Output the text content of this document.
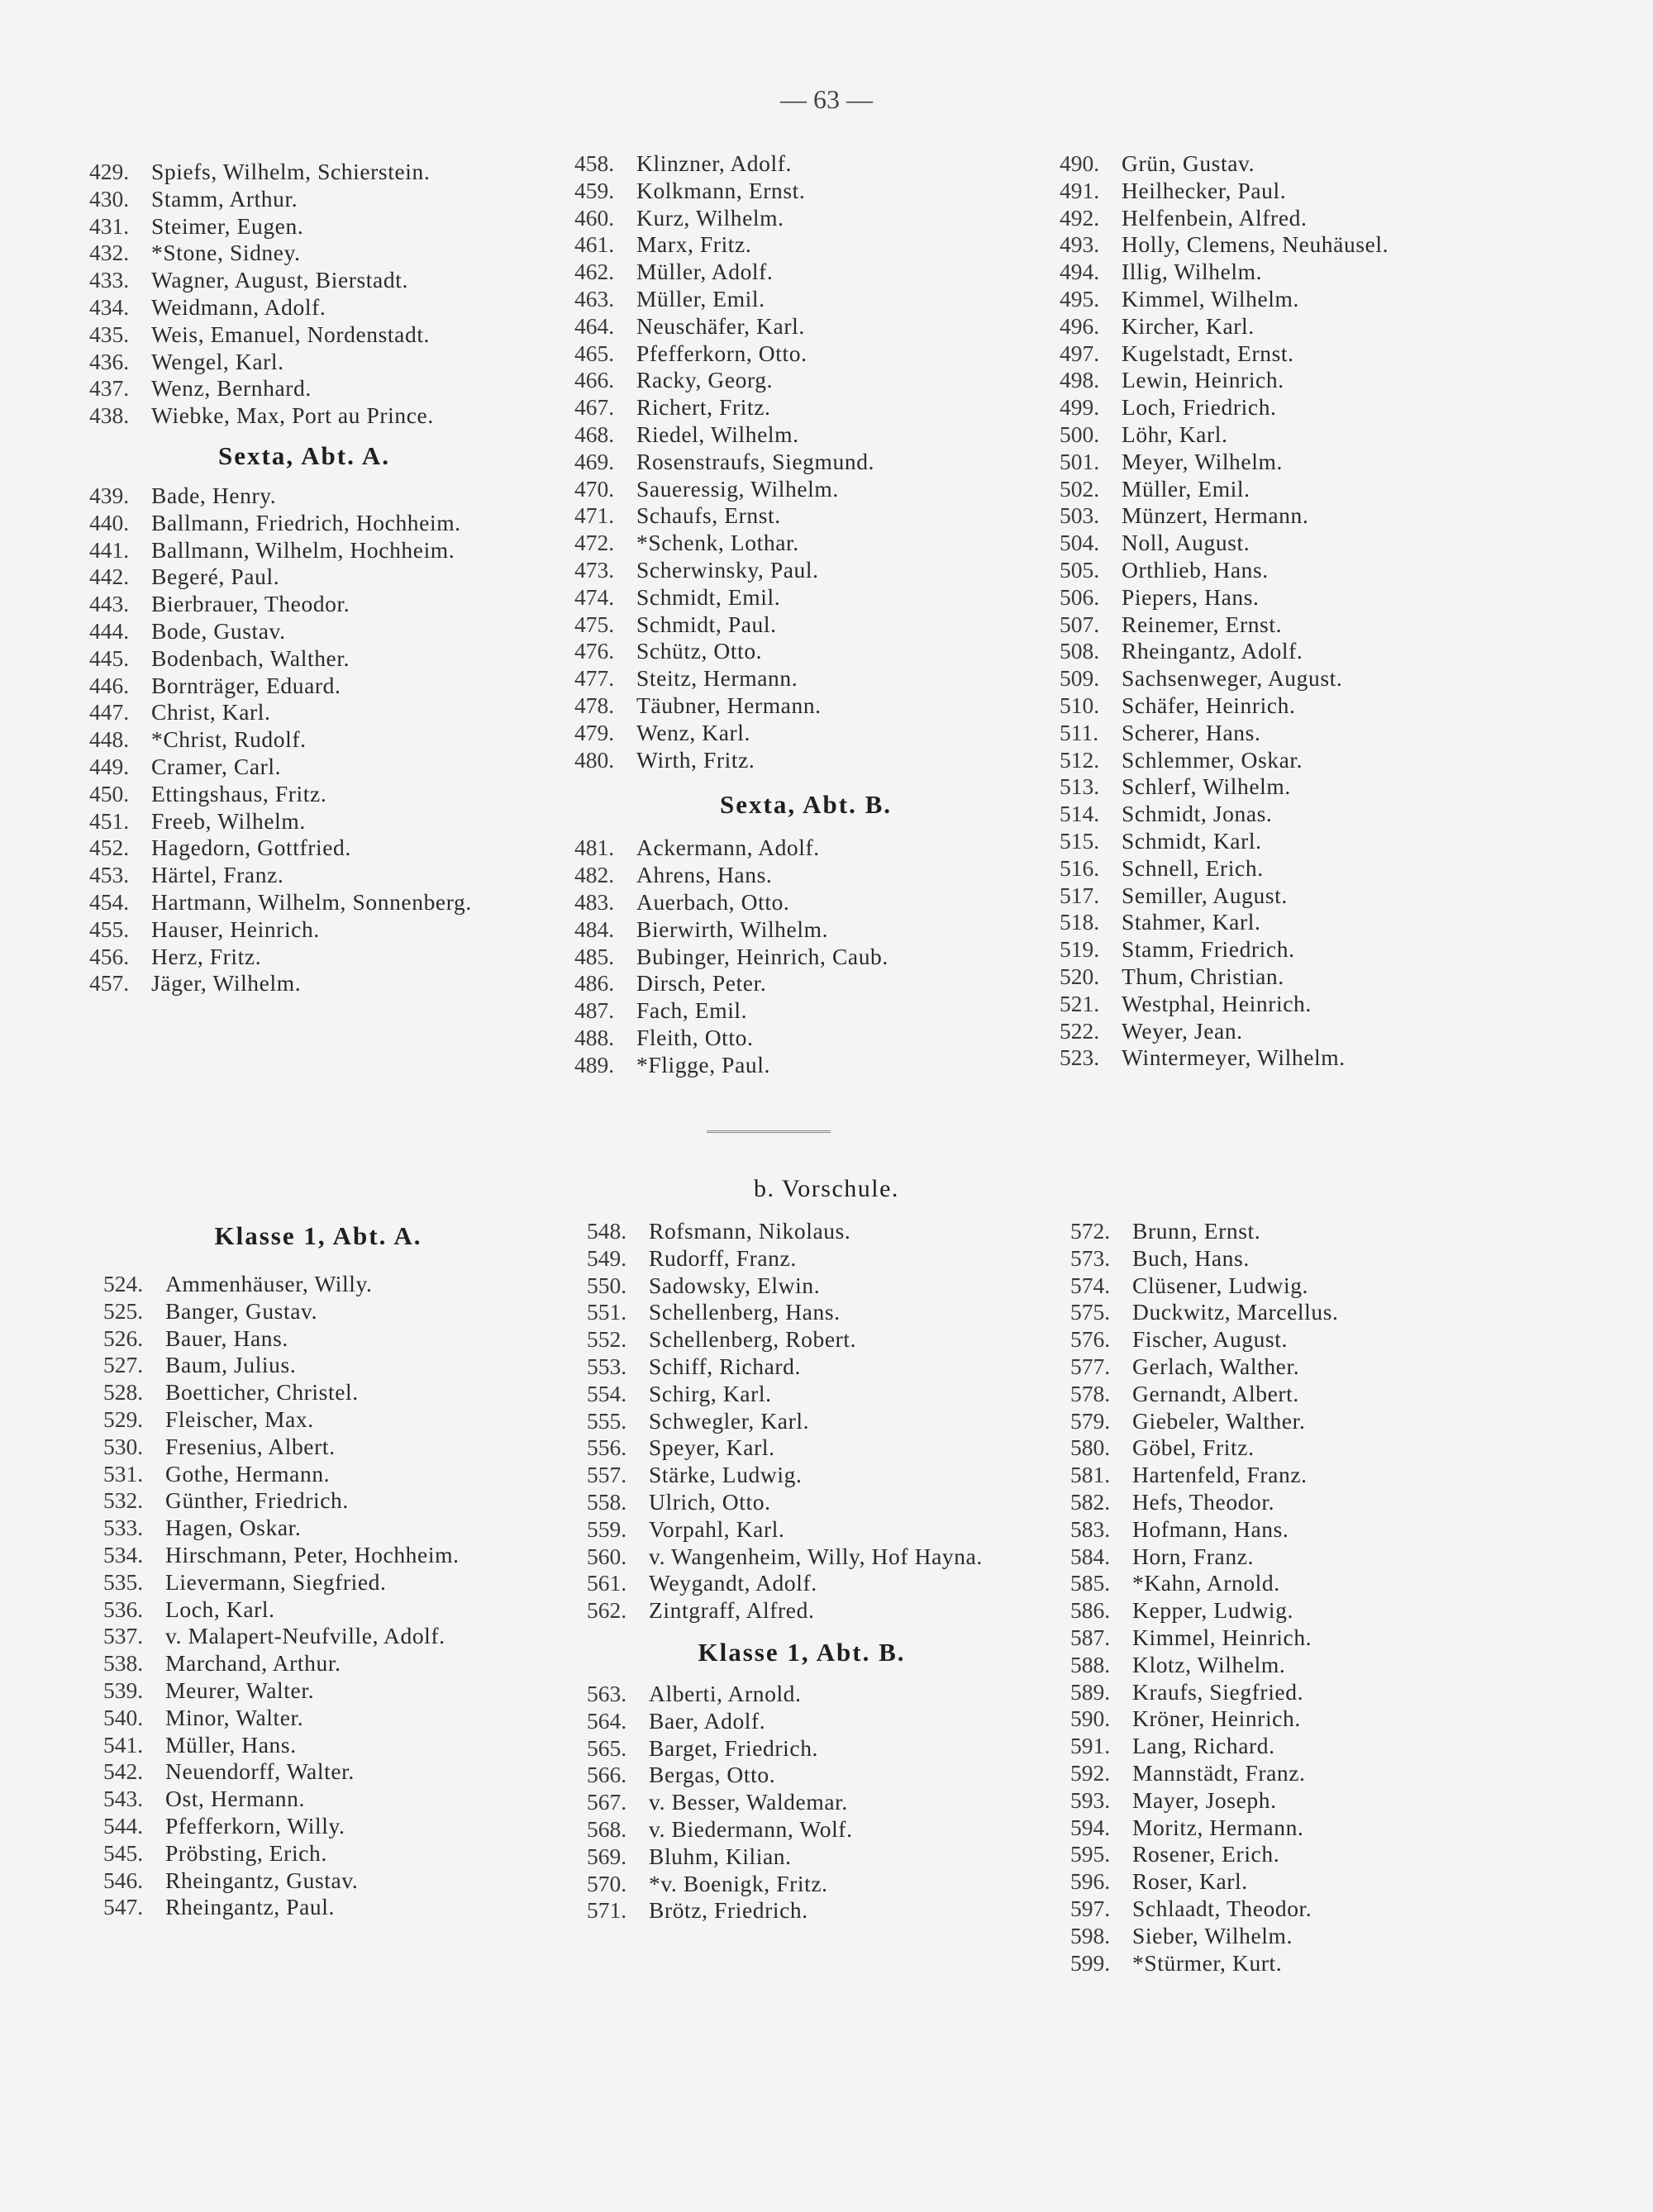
— 63 —
429. Spiefs, Wilhelm, Schierstein.
430. Stamm, Arthur.
431. Steimer, Eugen.
432. *Stone, Sidney.
433. Wagner, August, Bierstadt.
434. Weidmann, Adolf.
435. Weis, Emanuel, Nordenstadt.
436. Wengel, Karl.
437. Wenz, Bernhard.
438. Wiebke, Max, Port au Prince.
Sexta, Abt. A.
439. Bade, Henry.
440. Ballmann, Friedrich, Hochheim.
441. Ballmann, Wilhelm, Hochheim.
442. Begeré, Paul.
443. Bierbrauer, Theodor.
444. Bode, Gustav.
445. Bodenbach, Walther.
446. Bornträger, Eduard.
447. Christ, Karl.
448. *Christ, Rudolf.
449. Cramer, Carl.
450. Ettingshaus, Fritz.
451. Freeb, Wilhelm.
452. Hagedorn, Gottfried.
453. Härtel, Franz.
454. Hartmann, Wilhelm, Sonnenberg.
455. Hauser, Heinrich.
456. Herz, Fritz.
457. Jäger, Wilhelm.
458. Klinzner, Adolf.
459. Kolkmann, Ernst.
460. Kurz, Wilhelm.
461. Marx, Fritz.
462. Müller, Adolf.
463. Müller, Emil.
464. Neuschäfer, Karl.
465. Pfefferkorn, Otto.
466. Racky, Georg.
467. Richert, Fritz.
468. Riedel, Wilhelm.
469. Rosenstraufs, Siegmund.
470. Saueressig, Wilhelm.
471. Schaufs, Ernst.
472. *Schenk, Lothar.
473. Scherwinsky, Paul.
474. Schmidt, Emil.
475. Schmidt, Paul.
476. Schütz, Otto.
477. Steitz, Hermann.
478. Täubner, Hermann.
479. Wenz, Karl.
480. Wirth, Fritz.
Sexta, Abt. B.
481. Ackermann, Adolf.
482. Ahrens, Hans.
483. Auerbach, Otto.
484. Bierwirth, Wilhelm.
485. Bubinger, Heinrich, Caub.
486. Dirsch, Peter.
487. Fach, Emil.
488. Fleith, Otto.
489. *Fligge, Paul.
490. Grün, Gustav.
491. Heilhecker, Paul.
492. Helfenbein, Alfred.
493. Holly, Clemens, Neuhäusel.
494. Illig, Wilhelm.
495. Kimmel, Wilhelm.
496. Kircher, Karl.
497. Kugelstadt, Ernst.
498. Lewin, Heinrich.
499. Loch, Friedrich.
500. Löhr, Karl.
501. Meyer, Wilhelm.
502. Müller, Emil.
503. Münzert, Hermann.
504. Noll, August.
505. Orthlieb, Hans.
506. Piepers, Hans.
507. Reinemer, Ernst.
508. Rheingantz, Adolf.
509. Sachsenweger, August.
510. Schäfer, Heinrich.
511.	Scherer, Hans.
512. Schlemmer, Oskar.
513. Schlerf, Wilhelm.
514. Schmidt, Jonas.
515. Schmidt, Karl.
516. Schnell, Erich.
517. Semiller, August.
518. Stahmer, Karl.
519. Stamm, Friedrich.
520. Thum, Christian.
521. Westphal, Heinrich.
522. Weyer, Jean.
523. Wintermeyer, Wilhelm.
b. Vorschule.
Klasse 1, Abt. A.
524. Ammenhäuser, Willy.
525. Banger, Gustav.
526. Bauer, Hans.
527. Baum, Julius.
528. Boetticher, Christel.
529. Fleischer, Max.
530. Fresenius, Albert.
531. Gothe, Hermann.
532. Günther, Friedrich.
533. Hagen, Oskar.
534. Hirschmann, Peter, Hochheim.
535. Lievermann, Siegfried.
536. Loch, Karl.
537. v. Malapert-Neufville, Adolf.
538. Marchand, Arthur.
539. Meurer, Walter.
540. Minor, Walter.
541. Müller, Hans.
542. Neuendorff, Walter.
543. Ost, Hermann.
544. Pfefferkorn, Willy.
545. Pröbsting, Erich.
546. Rheingantz, Gustav.
547. Rheingantz, Paul.
548. Rofsmann, Nikolaus.
549. Rudorff, Franz.
550. Sadowsky, Elwin.
551. Schellenberg, Hans.
552. Schellenberg, Robert.
553. Schiff, Richard.
554. Schirg, Karl.
555. Schwegler, Karl.
556. Speyer, Karl.
557. Stärke, Ludwig.
558. Ulrich, Otto.
559. Vorpahl, Karl.
560. v. Wangenheim, Willy, Hof Hayna.
561. Weygandt, Adolf.
562. Zintgraff, Alfred.
Klasse 1, Abt. B.
563. Alberti, Arnold.
564. Baer, Adolf.
565. Barget, Friedrich.
566. Bergas, Otto.
567. v. Besser, Waldemar.
568. v. Biedermann, Wolf.
569. Bluhm, Kilian.
570. *v. Boenigk, Fritz.
571. Brötz, Friedrich.
572. Brunn, Ernst.
573. Buch, Hans.
574. Clüsener, Ludwig.
575. Duckwitz, Marcellus.
576. Fischer, August.
577. Gerlach, Walther.
578. Gernandt, Albert.
579. Giebeler, Walther.
580. Göbel, Fritz.
581. Hartenfeld, Franz.
582. Hefs, Theodor.
583. Hofmann, Hans.
584. Horn, Franz.
585. *Kahn, Arnold.
586. Kepper, Ludwig.
587. Kimmel, Heinrich.
588. Klotz, Wilhelm.
589. Kraufs, Siegfried.
590. Kröner, Heinrich.
591. Lang, Richard.
592. Mannstädt, Franz.
593. Mayer, Joseph.
594. Moritz, Hermann.
595. Rosener, Erich.
596. Roser, Karl.
597. Schlaadt, Theodor.
598. Sieber, Wilhelm.
599. *Stürmer, Kurt.
